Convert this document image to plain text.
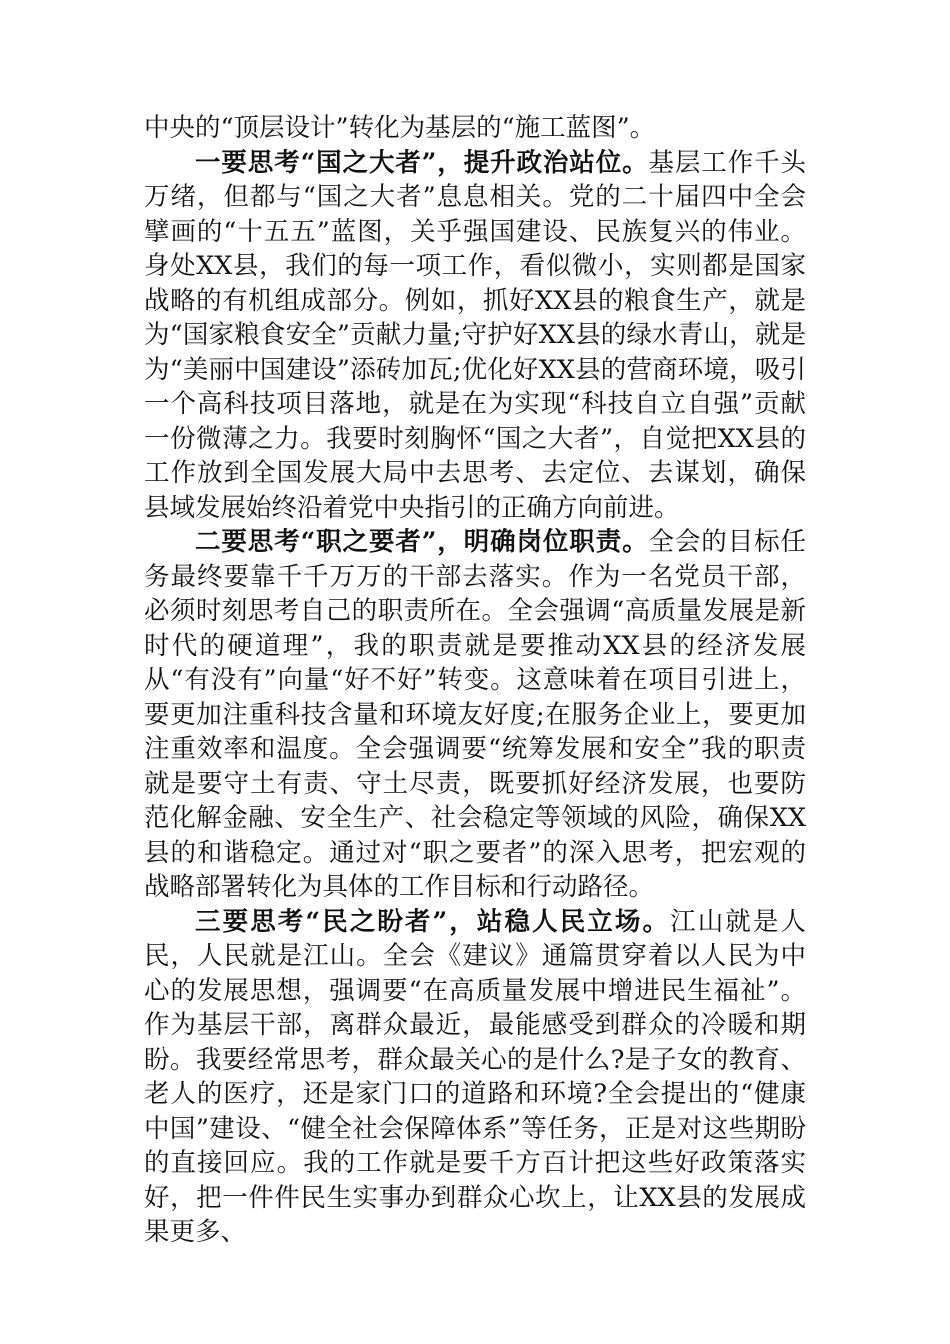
中央的“顶层设计”转化为基层的“施工蓝图”。

一要思考“国之大者”，提升政治站位。基层工作千头万绪，但都与“国之大者”息息相关。党的二十届四中全会擘画的“十五五”蓝图，关乎强国建设、民族复兴的伟业。身处XX县，我们的每一项工作，看似微小，实则都是国家战略的有机组成部分。例如，抓好XX县的粮食生产，就是为“国家粮食安全”贡献力量;守护好XX县的绿水青山，就是为“美丽中国建设”添砖加瓦;优化好XX县的营商环境，吸引一个高科技项目落地，就是在为实现“科技自立自强”贡献一份微薄之力。我要时刻胸怀“国之大者”，自觉把XX县的工作放到全国发展大局中去思考、去定位、去谋划，确保县域发展始终沿着党中央指引的正确方向前进。

二要思考“职之要者”，明确岗位职责。全会的目标任务最终要靠千千万万的干部去落实。作为一名党员干部，必须时刻思考自己的职责所在。全会强调“高质量发展是新时代的硬道理”，我的职责就是要推动XX县的经济发展从“有没有”向量“好不好”转变。这意味着在项目引进上，要更加注重科技含量和环境友好度;在服务企业上，要更加注重效率和温度。全会强调要“统筹发展和安全”我的职责就是要守土有责、守土尽责，既要抓好经济发展，也要防范化解金融、安全生产、社会稳定等领域的风险，确保XX县的和谐稳定。通过对“职之要者”的深入思考，把宏观的战略部署转化为具体的工作目标和行动路径。

三要思考“民之盼者”，站稳人民立场。江山就是人民，人民就是江山。全会《建议》通篇贯穿着以人民为中心的发展思想，强调要“在高质量发展中增进民生福祉”。作为基层干部，离群众最近，最能感受到群众的冷暖和期盼。我要经常思考，群众最关心的是什么?是子女的教育、老人的医疗，还是家门口的道路和环境?全会提出的“健康中国”建设、“健全社会保障体系”等任务，正是对这些期盼的直接回应。我的工作就是要千方百计把这些好政策落实好，把一件件民生实事办到群众心坎上，让XX县的发展成果更多、
